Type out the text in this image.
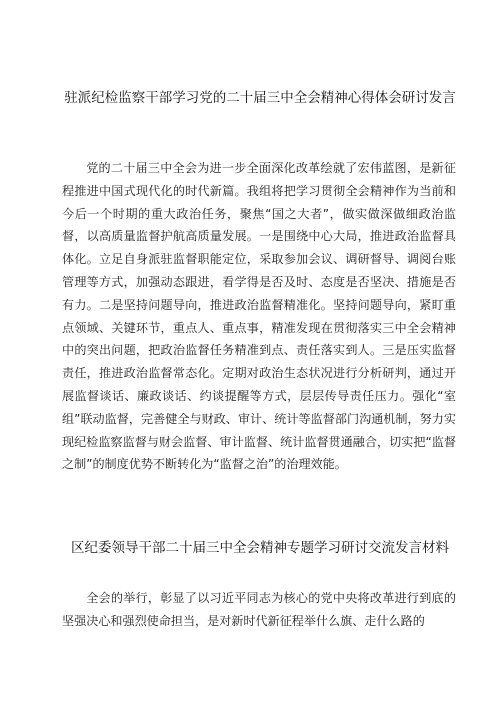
驻派纪检监察干部学习党的二十届三中全会精神心得体会研讨发言

党的二十届三中全会为进一步全面深化改革绘就了宏伟蓝图，是新征程推进中国式现代化的时代新篇。我组将把学习贯彻全会精神作为当前和今后一个时期的重大政治任务，聚焦“国之大者”，做实做深做细政治监督，以高质量监督护航高质量发展。一是围绕中心大局，推进政治监督具体化。立足自身派驻监督职能定位，采取参加会议、调研督导、调阅台账管理等方式，加强动态跟进，看学得是否及时、态度是否坚决、措施是否有力。二是坚持问题导向，推进政治监督精准化。坚持问题导向，紧盯重点领域、关键环节，重点人、重点事，精准发现在贯彻落实三中全会精神中的突出问题，把政治监督任务精准到点、责任落实到人。三是压实监督责任，推进政治监督常态化。定期对政治生态状况进行分析研判，通过开展监督谈话、廉政谈话、约谈提醒等方式，层层传导责任压力。强化“室组”联动监督，完善健全与财政、审计、统计等监督部门沟通机制，努力实现纪检监察监督与财会监督、审计监督、统计监督贯通融合，切实把“监督之制”的制度优势不断转化为“监督之治”的治理效能。

区纪委领导干部二十届三中全会精神专题学习研讨交流发言材料

全会的举行，彰显了以习近平同志为核心的党中央将改革进行到底的坚强决心和强烈使命担当，是对新时代新征程举什么旗、走什么路的
